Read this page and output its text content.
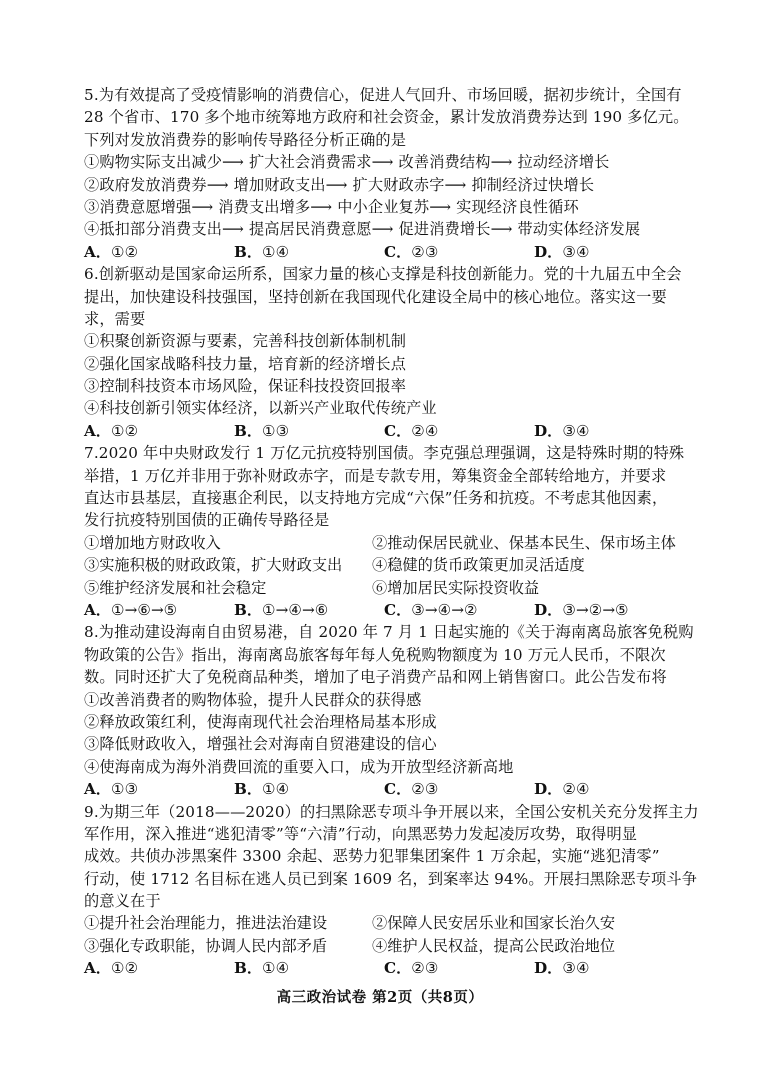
5.为有效提高了受疫情影响的消费信心，促进人气回升、市场回暖，据初步统计，全国有
28 个省市、170 多个地市统筹地方政府和社会资金，累计发放消费券达到 190 多亿元。
下列对发放消费券的影响传导路径分析正确的是
①购物实际支出减少⟶ 扩大社会消费需求⟶ 改善消费结构⟶ 拉动经济增长
②政府发放消费券⟶ 增加财政支出⟶ 扩大财政赤字⟶ 抑制经济过快增长
③消费意愿增强⟶ 消费支出增多⟶ 中小企业复苏⟶ 实现经济良性循环
④抵扣部分消费支出⟶ 提高居民消费意愿⟶ 促进消费增长⟶ 带动实体经济发展
A．①②	B．①④	C．②③	D．③④
6.创新驱动是国家命运所系，国家力量的核心支撑是科技创新能力。党的十九届五中全会
提出，加快建设科技强国，坚持创新在我国现代化建设全局中的核心地位。落实这一要
求，需要
①积聚创新资源与要素，完善科技创新体制机制
②强化国家战略科技力量，培育新的经济增长点
③控制科技资本市场风险，保证科技投资回报率
④科技创新引领实体经济，以新兴产业取代传统产业
A．①②	B．①③	C．②④	D．③④
7.2020 年中央财政发行 1 万亿元抗疫特别国债。李克强总理强调，这是特殊时期的特殊
举措，1 万亿并非用于弥补财政赤字，而是专款专用，筹集资金全部转给地方，并要求
直达市县基层，直接惠企利民，以支持地方完成“六保”任务和抗疫。不考虑其他因素，
发行抗疫特别国债的正确传导路径是
①增加地方财政收入	②推动保居民就业、保基本民生、保市场主体
③实施积极的财政政策，扩大财政支出	④稳健的货币政策更加灵活适度
⑤维护经济发展和社会稳定	⑥增加居民实际投资收益
A．①→⑥→⑤	B．①→④→⑥	C．③→④→②	D．③→②→⑤
8.为推动建设海南自由贸易港，自 2020 年 7 月 1 日起实施的《关于海南离岛旅客免税购
物政策的公告》指出，海南离岛旅客每年每人免税购物额度为 10 万元人民币，不限次
数。同时还扩大了免税商品种类，增加了电子消费产品和网上销售窗口。此公告发布将
①改善消费者的购物体验，提升人民群众的获得感
②释放政策红利，使海南现代社会治理格局基本形成
③降低财政收入，增强社会对海南自贸港建设的信心
④使海南成为海外消费回流的重要入口，成为开放型经济新高地
A．①③	B．①④	C．②③	D．②④
9.为期三年（2018——2020）的扫黑除恶专项斗争开展以来，全国公安机关充分发挥主力
军作用，深入推进“逃犯清零”等“六清”行动，向黑恶势力发起凌厉攻势，取得明显
成效。共侦办涉黑案件 3300 余起、恶势力犯罪集团案件 1 万余起，实施“逃犯清零”
行动，使 1712 名目标在逃人员已到案 1609 名，到案率达 94%。开展扫黑除恶专项斗争
的意义在于
①提升社会治理能力，推进法治建设	②保障人民安居乐业和国家长治久安
③强化专政职能，协调人民内部矛盾	④维护人民权益，提高公民政治地位
A．①②	B．①④	C．②③	D．③④
高三政治试卷 第2页（共8页）
